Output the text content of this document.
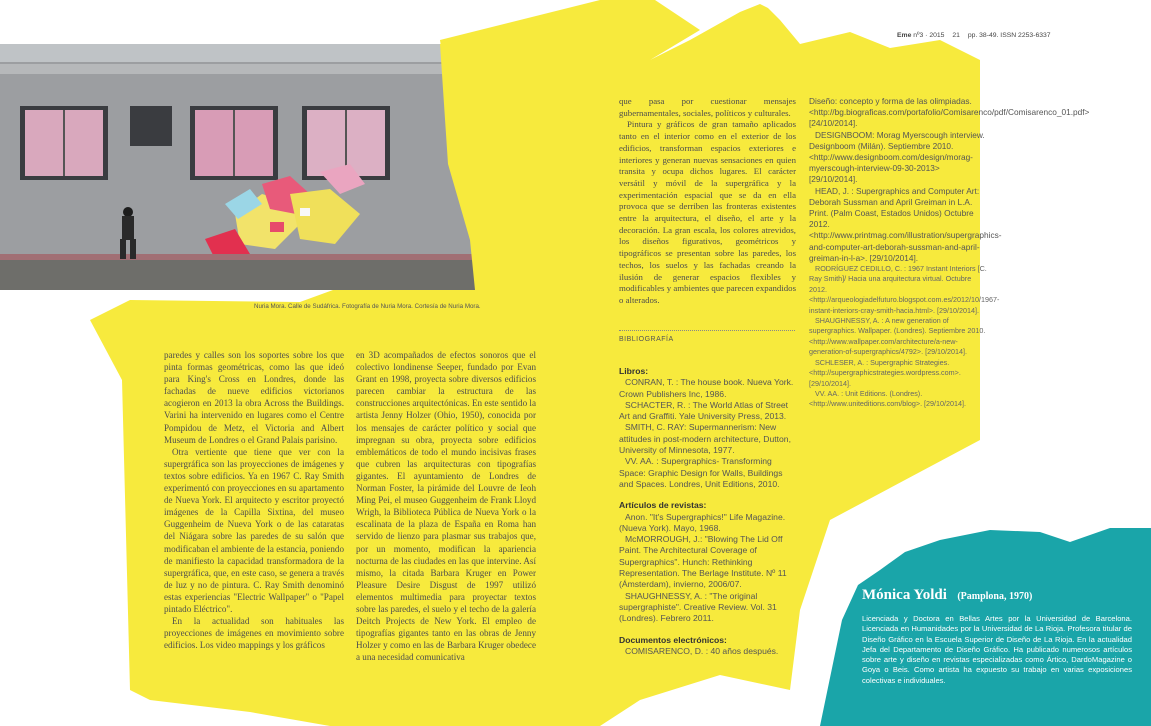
Eme nº3 · 2015 21 pp. 38-49. ISSN 2253-6337
Nuria Mora. Calle de Sudáfrica. Fotografía de Nuria Mora. Cortesía de Nuria Mora.

paredes y calles son los soportes sobre los que pinta formas geométricas, como las que ideó para King's Cross en Londres, donde las fachadas de nueve edificios victorianos acogieron en 2013 la obra Across the Buildings. Varini ha intervenido en lugares como el Centre Pompidou de Metz, el Victoria and Albert Museum de Londres o el Grand Palais parisino.

Otra vertiente que tiene que ver con la supergráfica son las proyecciones de imágenes y textos sobre edificios. Ya en 1967 C. Ray Smith experimentó con proyecciones en su apartamento de Nueva York. El arquitecto y escritor proyectó imágenes de la Capilla Sixtina, del museo Guggenheim de Nueva York o de las cataratas del Niágara sobre las paredes de su salón que modificaban el ambiente de la estancia, poniendo de manifiesto la capacidad transformadora de la supergráfica, que, en este caso, se genera a través de luz y no de pintura. C. Ray Smith denominó estas experiencias "Electric Wallpaper" o "Papel pintado Eléctrico".

En la actualidad son habituales las proyecciones de imágenes en movimiento sobre edificios. Los video mappings y los gráficos

en 3D acompañados de efectos sonoros que el colectivo londinense Seeper, fundado por Evan Grant en 1998, proyecta sobre diversos edificios parecen cambiar la estructura de las construcciones arquitectónicas. En este sentido la artista Jenny Holzer (Ohio, 1950), conocida por los mensajes de carácter político y social que impregnan su obra, proyecta sobre edificios emblemáticos de todo el mundo incisivas frases que cubren las arquitecturas con tipografías gigantes. El ayuntamiento de Londres de Norman Foster, la pirámide del Louvre de Ieoh Ming Pei, el museo Guggenheim de Frank Lloyd Wrigh, la Biblioteca Pública de Nueva York o la escalinata de la plaza de España en Roma han servido de lienzo para plasmar sus trabajos que, por un momento, modifican la apariencia nocturna de las ciudades en las que intervine. Así mismo, la citada Barbara Kruger en Power Pleasure Desire Disgust de 1997 utilizó elementos multimedia para proyectar textos sobre las paredes, el suelo y el techo de la galería Deitch Projects de New York. El empleo de tipografías gigantes tanto en las obras de Jenny Holzer y como en las de Barbara Kruger obedece a una necesidad comunicativa

que pasa por cuestionar mensajes gubernamentales, sociales, políticos y culturales.

Pintura y gráficos de gran tamaño aplicados tanto en el interior como en el exterior de los edificios, transforman espacios exteriores e interiores y generan nuevas sensaciones en quien transita y ocupa dichos lugares. El carácter versátil y móvil de la supergráfica y la experimentación espacial que se da en ella provoca que se derriben las fronteras existentes entre la arquitectura, el diseño, el arte y la decoración. La gran escala, los colores atrevidos, los diseños figurativos, geométricos y tipográficos se presentan sobre las paredes, los techos, los suelos y las fachadas creando la ilusión de generar espacios flexibles y modificables y ambientes que parecen expandidos o alterados.

BIBLIOGRAFÍA
Libros:
CONRAN, T. : The house book. Nueva York. Crown Publishers Inc, 1986.
SCHACTER, R. : The World Atlas of Street Art and Graffiti. Yale University Press, 2013.
SMITH, C. RAY: Supermannerism: New attitudes in post-modern architecture, Dutton, University of Minnesota, 1977.
VV. AA. : Supergraphics- Transforming Space: Graphic Design for Walls, Buildings and Spaces. Londres, Unit Editions, 2010.
Artículos de revistas:
Anon. "It's Supergraphics!" Life Magazine. (Nueva York). Mayo, 1968.
McMORROUGH, J.: "Blowing The Lid Off Paint. The Architectural Coverage of Supergraphics". Hunch: Rethinking Representation. The Berlage Institute. Nº 11 (Ámsterdam), invierno, 2006/07.
SHAUGHNESSY, A. : "The original supergraphiste". Creative Review. Vol. 31 (Londres). Febrero 2011.
Documentos electrónicos:
COMISARENCO, D. : 40 años después.
Diseño: concepto y forma de las olimpiadas. <http://bg.biograficas.com/portafolio/Comisarenco/pdf/Comisarenco_01.pdf> [24/10/2014].
DESIGNBOOM: Morag Myerscough interview. Designboom (Milán). Septiembre 2010. <http://www.designboom.com/design/morag-myerscough-interview-09-30-2013> [29/10/2014].
HEAD, J. : Supergraphics and Computer Art: Deborah Sussman and April Greiman in L.A. Print. (Palm Coast, Estados Unidos) Octubre 2012. <http://www.printmag.com/illustration/supergraphics-and-computer-art-deborah-sussman-and-april-greiman-in-l-a>. [29/10/2014].
RODRÍGUEZ CEDILLO, C. : 1967 Instant Interiors [C. Ray Smith]/ Hacia una arquitectura virtual. Octubre 2012. <http://arqueologiadelfuturo.blogspot.com.es/2012/10/1967-instant-interiors-cray-smith-hacia.html>. [29/10/2014].
SHAUGHNESSY, A. : A new generation of supergraphics. Wallpaper. (Londres). Septiembre 2010. <http://www.wallpaper.com/architecture/a-new-generation-of-supergraphics/4792>. [29/10/2014].
SCHLESER, A. : Supergraphic Strategies. <http://supergraphicstrategies.wordpress.com>. [29/10/2014].
VV. AA. : Unit Editions. (Londres). <http://www.uniteditions.com/blog>. [29/10/2014].
Mónica Yoldi (Pamplona, 1970)
Licenciada y Doctora en Bellas Artes por la Universidad de Barcelona. Licenciada en Humanidades por la Universidad de La Rioja. Profesora titular de Diseño Gráfico en la Escuela Superior de Diseño de La Rioja. En la actualidad Jefa del Departamento de Diseño Gráfico. Ha publicado numerosos artículos sobre arte y diseño en revistas especializadas como Ártico, DardoMagazine o Goya o Beis. Como artista ha expuesto su trabajo en varias exposiciones colectivas e individuales.
